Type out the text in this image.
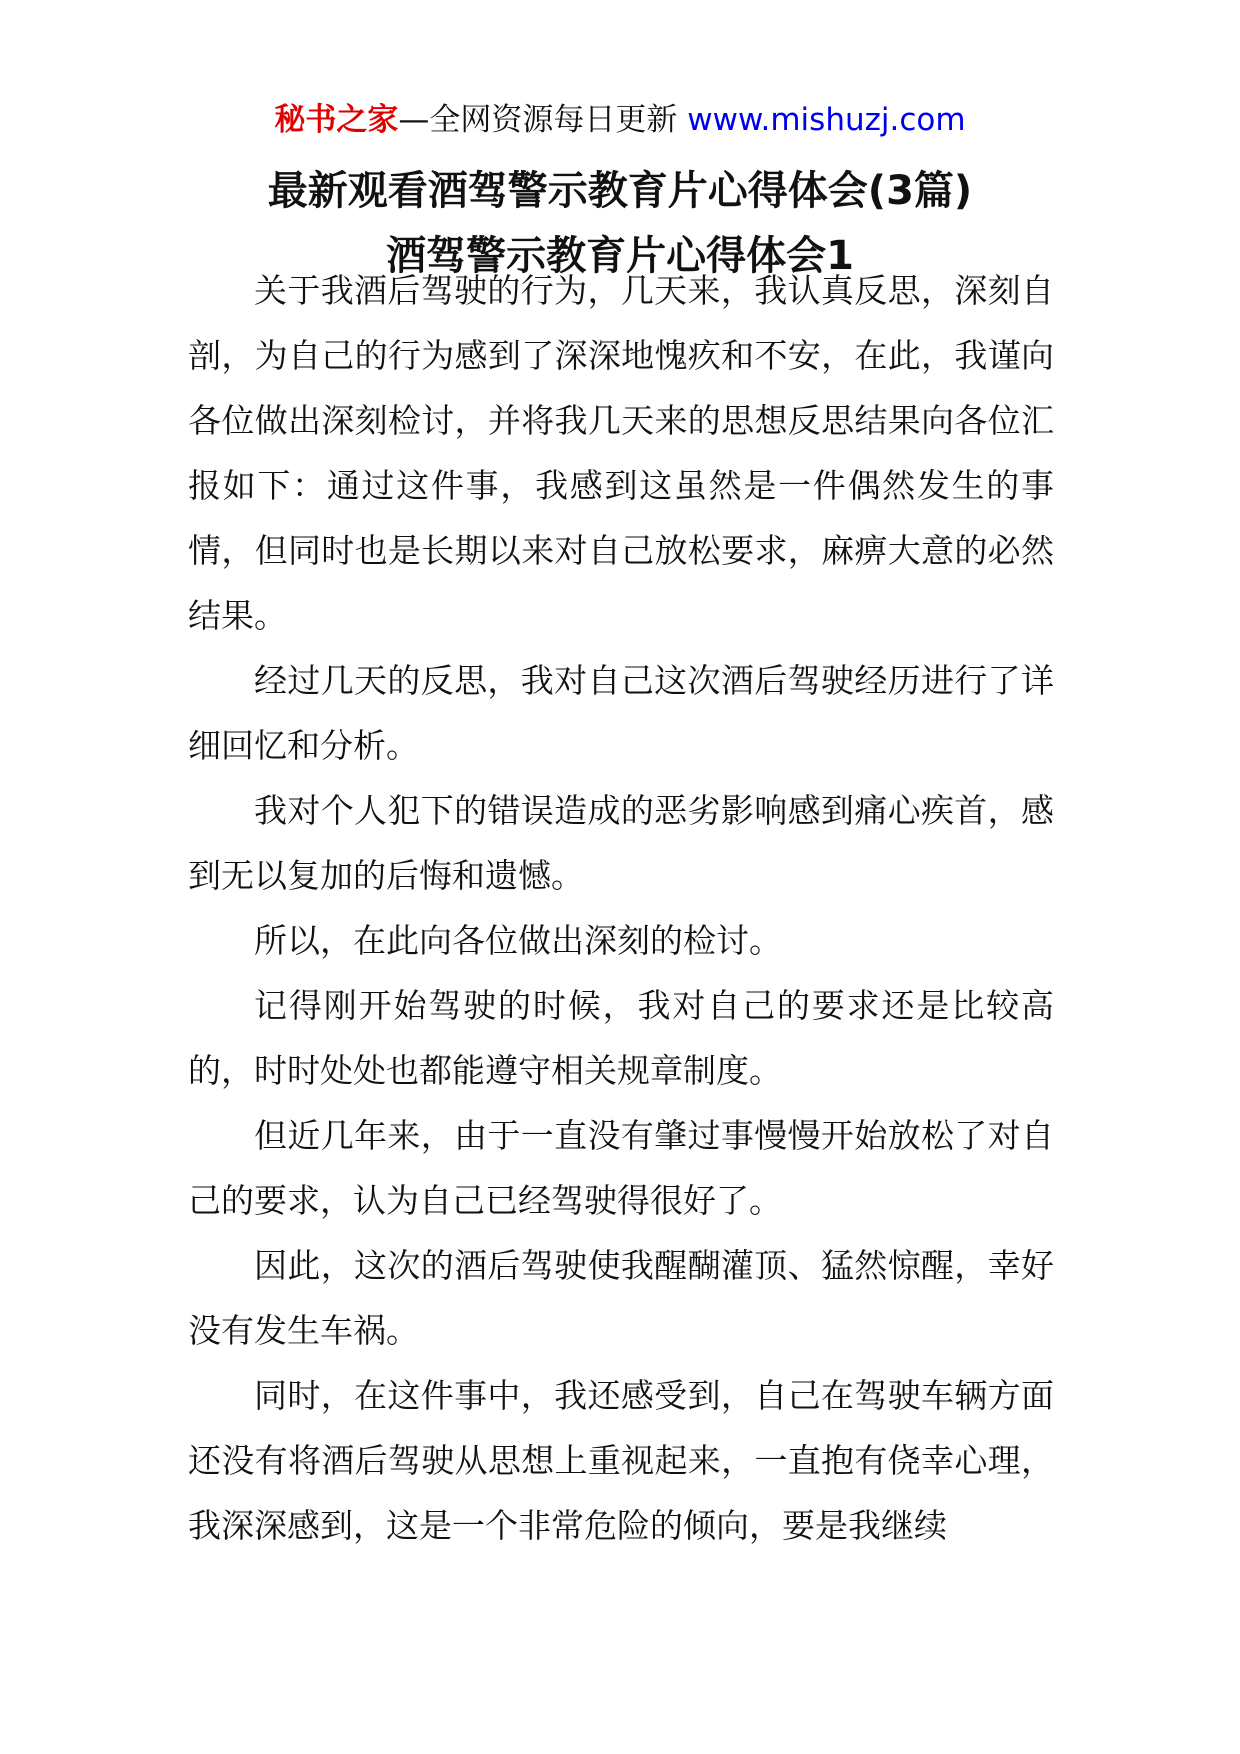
秘书之家—全网资源每日更新 www.mishuzj.com
最新观看酒驾警示教育片心得体会(3篇)
酒驾警示教育片心得体会1

关于我酒后驾驶的行为，几天来，我认真反思，深刻自剖，为自己的行为感到了深深地愧疚和不安，在此，我谨向各位做出深刻检讨，并将我几天来的思想反思结果向各位汇报如下：通过这件事，我感到这虽然是一件偶然发生的事情，但同时也是长期以来对自己放松要求，麻痹大意的必然结果。

经过几天的反思，我对自己这次酒后驾驶经历进行了详细回忆和分析。

我对个人犯下的错误造成的恶劣影响感到痛心疾首，感到无以复加的后悔和遗憾。

所以，在此向各位做出深刻的检讨。

记得刚开始驾驶的时候，我对自己的要求还是比较高的，时时处处也都能遵守相关规章制度。

但近几年来，由于一直没有肇过事慢慢开始放松了对自己的要求，认为自己已经驾驶得很好了。

因此，这次的酒后驾驶使我醒醐灌顶、猛然惊醒，幸好没有发生车祸。

同时，在这件事中，我还感受到，自己在驾驶车辆方面还没有将酒后驾驶从思想上重视起来，一直抱有侥幸心理，我深深感到，这是一个非常危险的倾向，要是我继续
